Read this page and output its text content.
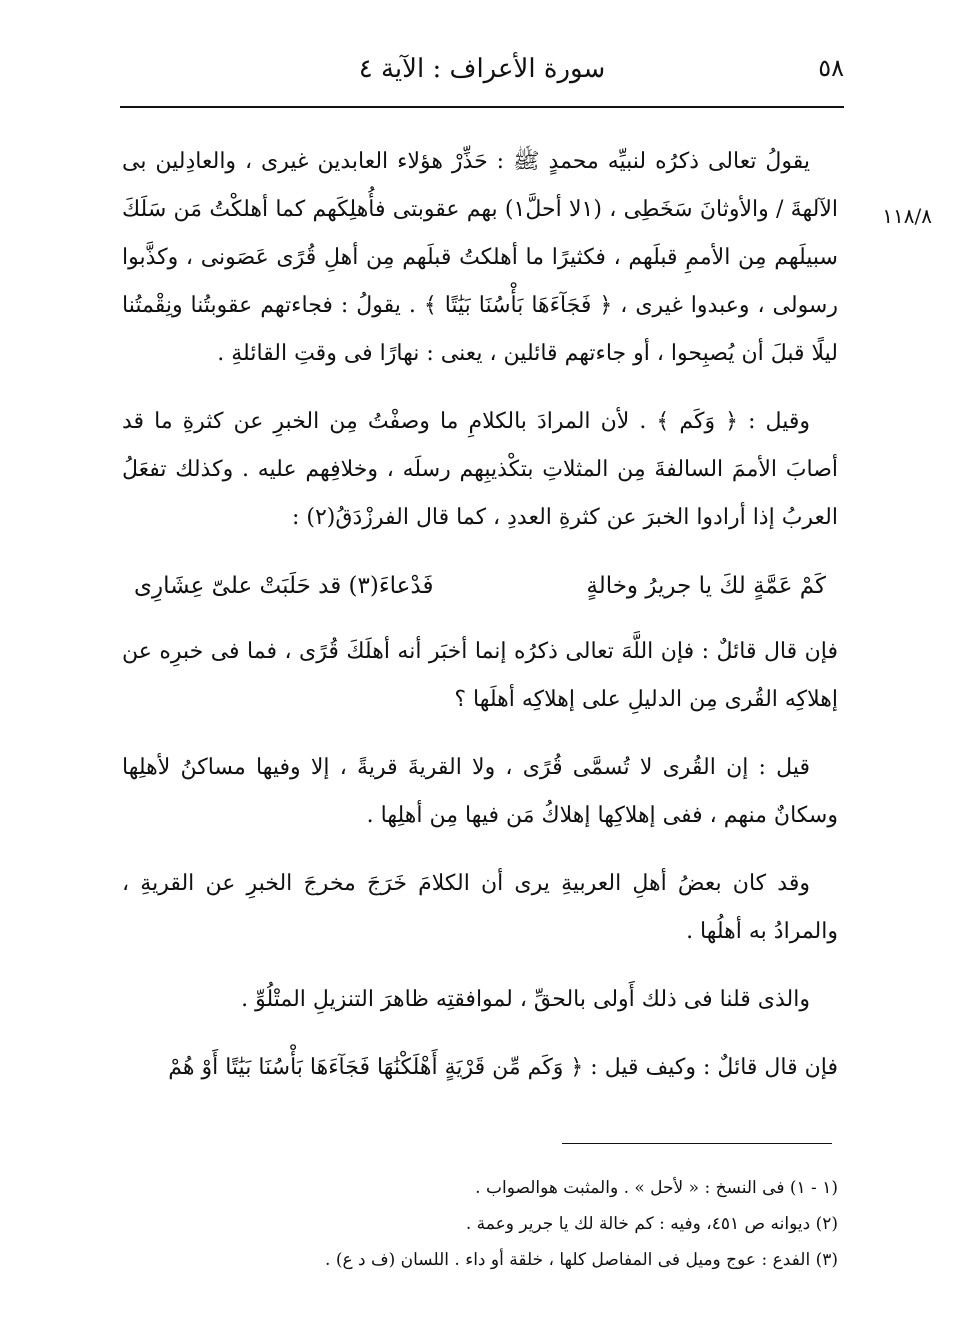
٥٨
سورة الأعراف : الآية ٤
١١٨/٨

يقولُ تعالى ذكرُه لنبيِّه محمدٍ ﷺ : حَذِّرْ هؤلاء العابدين غيرى ، والعادِلين بى الآلهةَ / والأوثانَ سَخَطِى ، (١لا أحلَّ١) بهم عقوبتى فأُهلِكَهم كما أهلكْتُ مَن سَلَكَ سبيلَهم مِن الأممِ قبلَهم ، فكثيرًا ما أهلكتُ قبلَهم مِن أهلِ قُرًى عَصَونى ، وكذَّبوا رسولى ، وعبدوا غيرى ، ﴿ فَجَآءَهَا بَأْسُنَا بَيَٰتًا ﴾ . يقولُ : فجاءتهم عقوبتُنا ونِقْمتُنا ليلًا قبلَ أن يُصبِحوا ، أو جاءتهم قائلين ، يعنى : نهارًا فى وقتِ القائلةِ .

وقيل : ﴿ وَكَم ﴾ . لأن المرادَ بالكلامِ ما وصفْتُ مِن الخبرِ عن كثرةِ ما قد أصابَ الأممَ السالفةَ مِن المثلاتِ بتكْذيبِهم رسلَه ، وخلافِهم عليه . وكذلك تفعَلُ العربُ إذا أرادوا الخبرَ عن كثرةِ العددِ ، كما قال الفرزْدَقُ(٢) :

كَمْ عَمَّةٍ لكَ يا جريرُ وخالةٍ
فَدْعاءَ(٣) قد حَلَبَتْ علىّ عِشَارِى

فإن قال قائلٌ : فإن اللَّهَ تعالى ذكرُه إنما أخبَر أنه أهلَكَ قُرًى ، فما فى خبرِه عن إهلاكِه القُرى مِن الدليلِ على إهلاكِه أهلَها ؟

قيل : إن القُرى لا تُسمَّى قُرًى ، ولا القريةَ قريةً ، إلا وفيها مساكنُ لأهلِها وسكانٌ منهم ، ففى إهلاكِها إهلاكُ مَن فيها مِن أهلِها .

وقد كان بعضُ أهلِ العربيةِ يرى أن الكلامَ خَرَجَ مخرجَ الخبرِ عن القريةِ ، والمرادُ به أهلُها .

والذى قلنا فى ذلك أَولى بالحقِّ ، لموافقتِه ظاهرَ التنزيلِ المتْلُوِّ .

فإن قال قائلٌ : وكيف قيل : ﴿ وَكَم مِّن قَرْيَةٍ أَهْلَكْنَٰهَا فَجَآءَهَا بَأْسُنَا بَيَٰتًا أَوْ هُمْ

(١ - ١) فى النسخ : « لأحل » . والمثبت هوالصواب .
(٢) ديوانه ص ٤٥١، وفيه : كم خالة لك يا جرير وعمة .
(٣) الفدع : عوج وميل فى المفاصل كلها ، خلقة أو داء . اللسان (ف د ع) .
